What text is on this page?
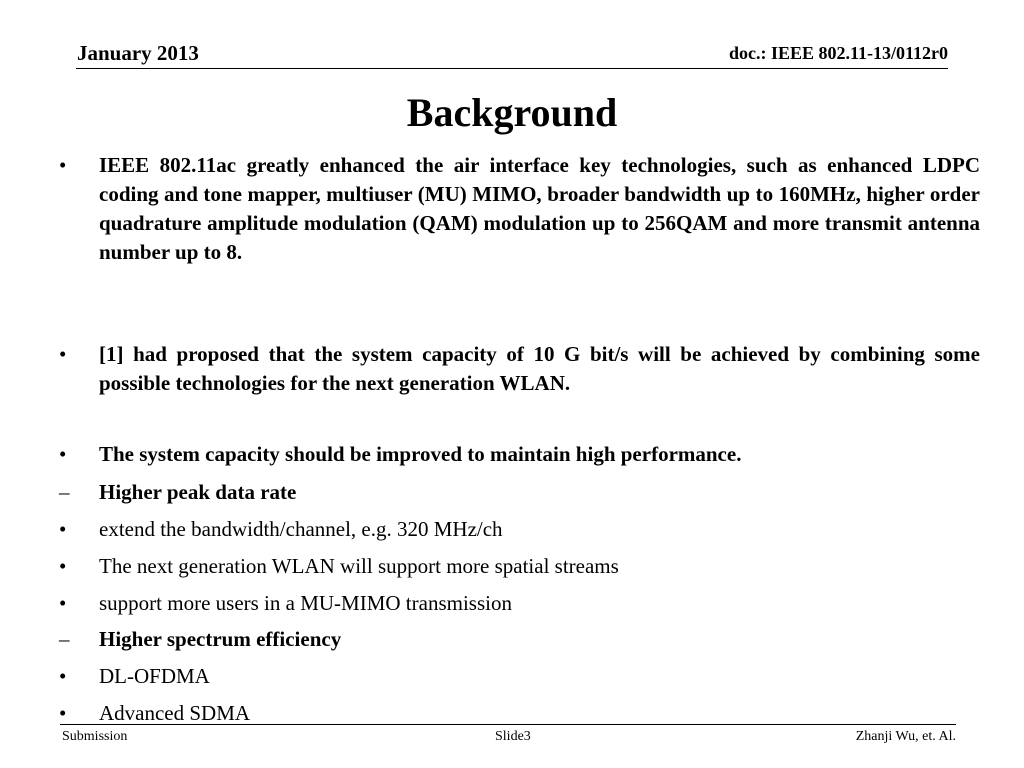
January 2013	doc.: IEEE 802.11-13/0112r0
Background
•	IEEE 802.11ac greatly enhanced the air interface key technologies, such as enhanced LDPC coding and tone mapper, multiuser (MU) MIMO, broader bandwidth up to 160MHz, higher order quadrature amplitude modulation (QAM) modulation up to 256QAM and more transmit antenna number up to 8.
•	[1] had proposed that the system capacity of 10 G bit/s will be achieved by combining some possible technologies for the next generation WLAN.
•	The system capacity should be improved to maintain high performance.
–	Higher peak data rate
•	extend the bandwidth/channel, e.g. 320 MHz/ch
•	The next generation WLAN will support more spatial streams
•	support more users in a MU-MIMO transmission
–	Higher spectrum efficiency
•	DL-OFDMA
•	Advanced SDMA
Submission	Slide3	Zhanji Wu, et. Al.
